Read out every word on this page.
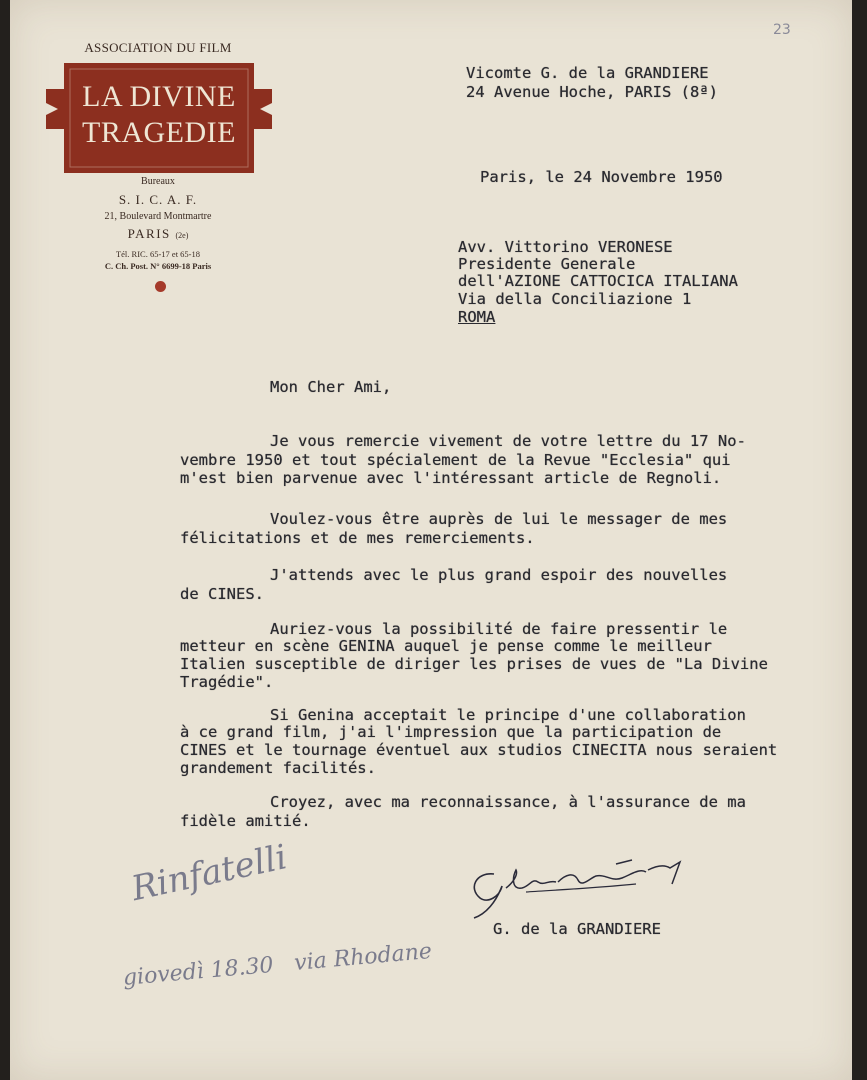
23
ASSOCIATION DU FILM
LA DIVINE
TRAGEDIE
Bureaux
S. I. C. A. F.
21, Boulevard Montmartre
PARIS (2e)
Tél. RIC. 65-17 et 65-18
C. Ch. Post. N° 6699-18 Paris
Vicomte G. de la GRANDIERE
24 Avenue Hoche, PARIS (8ª)
Paris, le 24 Novembre 1950
Avv. Vittorino VERONESE
Presidente Generale
dell'AZIONE CATTOCICA ITALIANA
Via della Conciliazione 1
ROMA
Mon Cher Ami,
Je vous remercie vivement de votre lettre du 17 No-
vembre 1950 et tout spécialement de la Revue "Ecclesia" qui
m'est bien parvenue avec l'intéressant article de Regnoli.
Voulez-vous être auprès de lui le messager de mes
félicitations et de mes remerciements.
J'attends avec le plus grand espoir des nouvelles
de CINES.
Auriez-vous la possibilité de faire pressentir le
metteur en scène GENINA auquel je pense comme le meilleur
Italien susceptible de diriger les prises de vues de "La Divine
Tragédie".
Si Genina acceptait le principe d'une collaboration
à ce grand film, j'ai l'impression que la participation de
CINES et le tournage éventuel aux studios CINECITA nous seraient
grandement facilités.
Croyez, avec ma reconnaissance, à l'assurance de ma
fidèle amitié.
G. de la GRANDIERE
Rinfatelli
giovedì 18.30   via Rhodane
